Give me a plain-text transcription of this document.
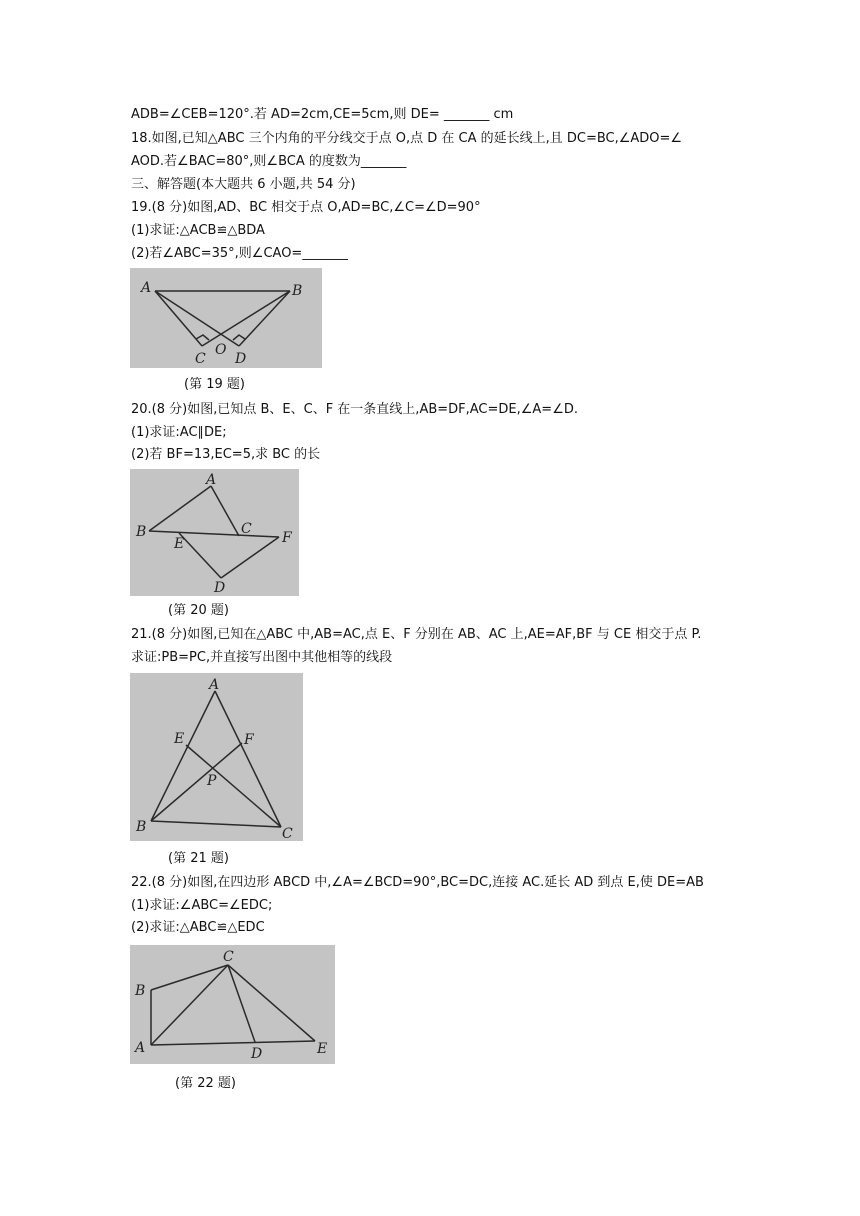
ADB=∠CEB=120°.若 AD=2cm,CE=5cm,则 DE= _______ cm
18.如图,已知△ABC 三个内角的平分线交于点 O,点 D 在 CA 的延长线上,且 DC=BC,∠ADO=∠
AOD.若∠BAC=80°,则∠BCA 的度数为_______
三、解答题(本大题共 6 小题,共 54 分)
19.(8 分)如图,AD、BC 相交于点 O,AD=BC,∠C=∠D=90°
(1)求证:△ACB≌△BDA
(2)若∠ABC=35°,则∠CAO=_______
A	B
C
O
D
(第 19 题)
20.(8 分)如图,已知点 B、E、C、F 在一条直线上,AB=DF,AC=DE,∠A=∠D.
(1)求证:AC∥DE;
(2)若 BF=13,EC=5,求 BC 的长
A
B
E
C
F
D
(第 20 题)
21.(8 分)如图,已知在△ABC 中,AB=AC,点 E、F 分别在 AB、AC 上,AE=AF,BF 与 CE 相交于点 P.
求证:PB=PC,并直接写出图中其他相等的线段
A
E	F
P
B	C
(第 21 题)
22.(8 分)如图,在四边形 ABCD 中,∠A=∠BCD=90°,BC=DC,连接 AC.延长 AD 到点 E,使 DE=AB
(1)求证:∠ABC=∠EDC;
(2)求证:△ABC≌△EDC
C
B
A	D	E
(第 22 题)
